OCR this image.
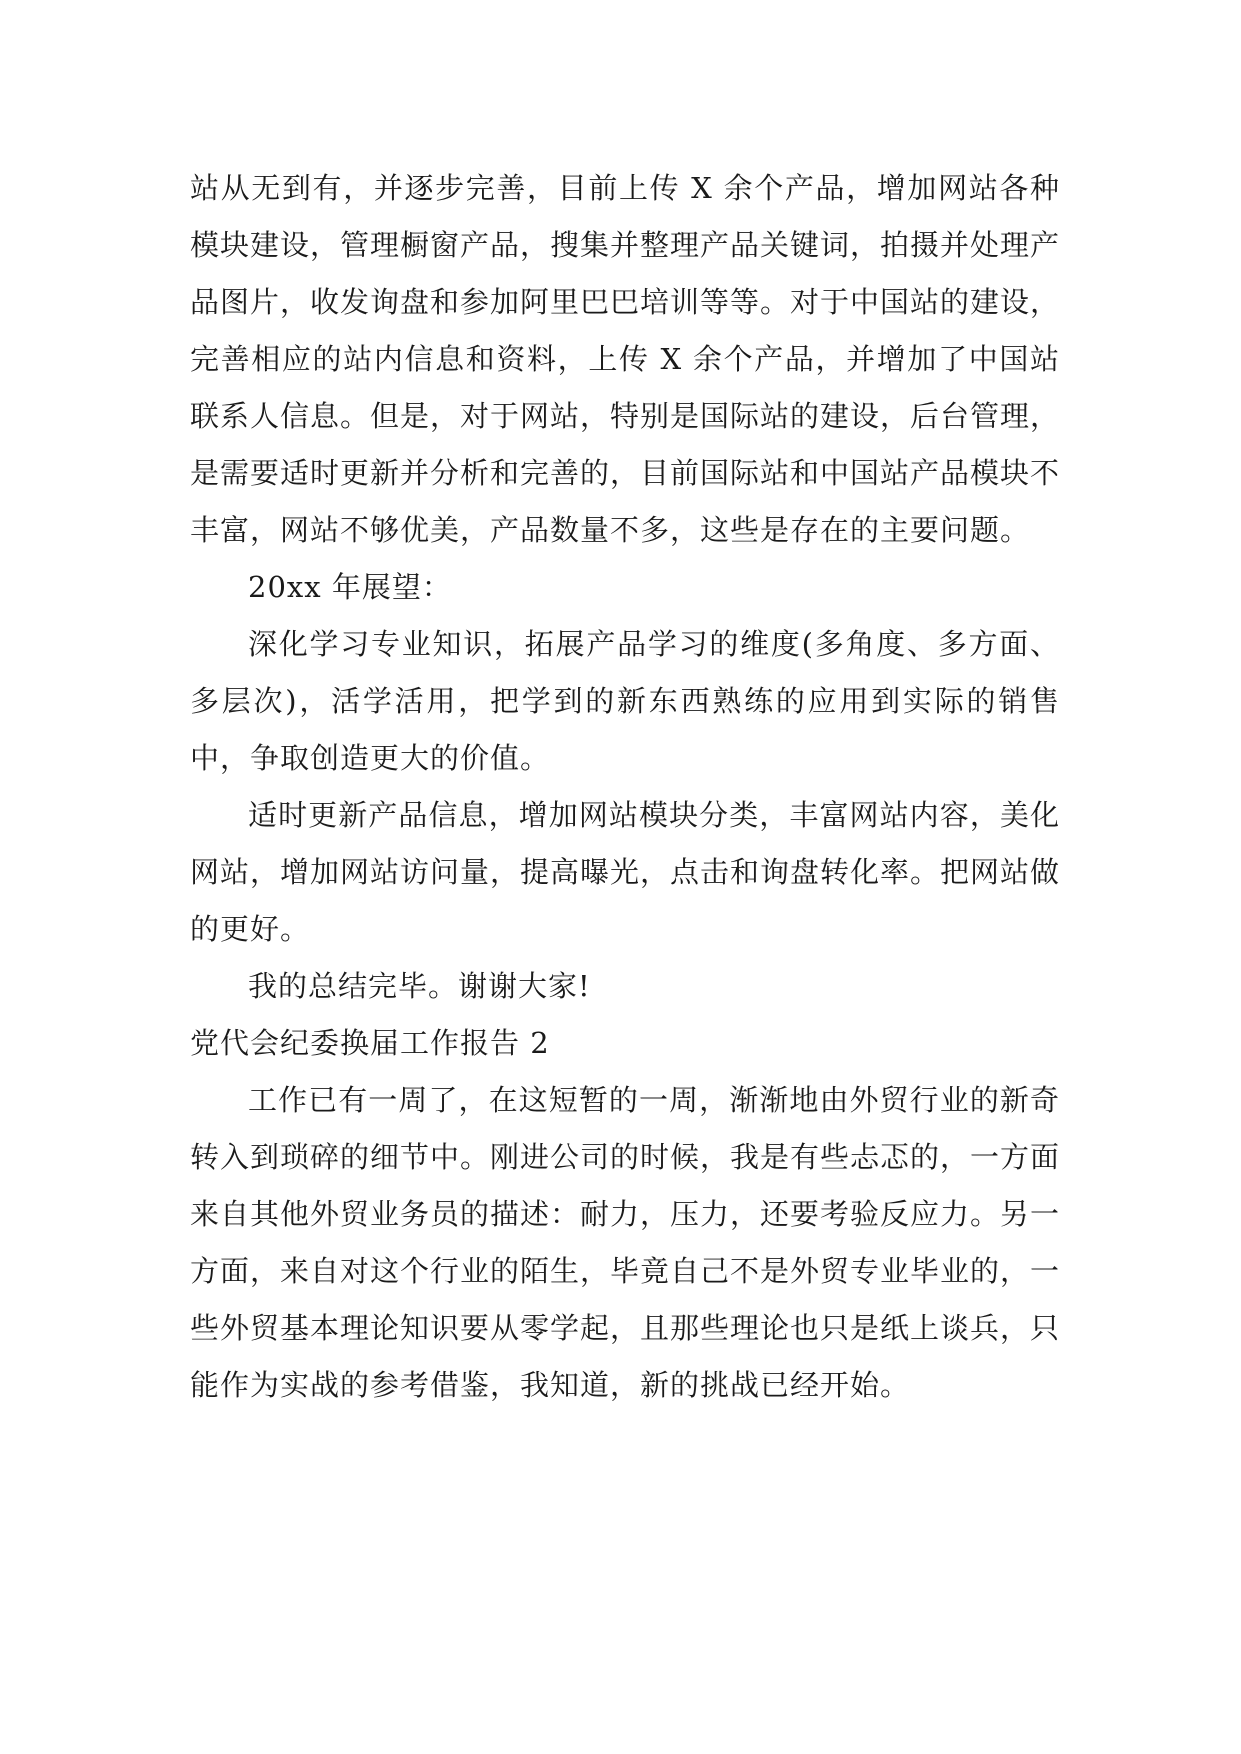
站从无到有，并逐步完善，目前上传 X 余个产品，增加网站各种模块建设，管理橱窗产品，搜集并整理产品关键词，拍摄并处理产品图片，收发询盘和参加阿里巴巴培训等等。对于中国站的建设，完善相应的站内信息和资料，上传 X 余个产品，并增加了中国站联系人信息。但是，对于网站，特别是国际站的建设，后台管理，是需要适时更新并分析和完善的，目前国际站和中国站产品模块不丰富，网站不够优美，产品数量不多，这些是存在的主要问题。

20xx 年展望：

深化学习专业知识，拓展产品学习的维度(多角度、多方面、多层次)，活学活用，把学到的新东西熟练的应用到实际的销售中，争取创造更大的价值。

适时更新产品信息，增加网站模块分类，丰富网站内容，美化网站，增加网站访问量，提高曝光，点击和询盘转化率。把网站做的更好。

我的总结完毕。谢谢大家!

党代会纪委换届工作报告 2

工作已有一周了，在这短暂的一周，渐渐地由外贸行业的新奇转入到琐碎的细节中。刚进公司的时候，我是有些忐忑的，一方面来自其他外贸业务员的描述：耐力，压力，还要考验反应力。另一方面，来自对这个行业的陌生，毕竟自己不是外贸专业毕业的，一些外贸基本理论知识要从零学起，且那些理论也只是纸上谈兵，只能作为实战的参考借鉴，我知道，新的挑战已经开始。
